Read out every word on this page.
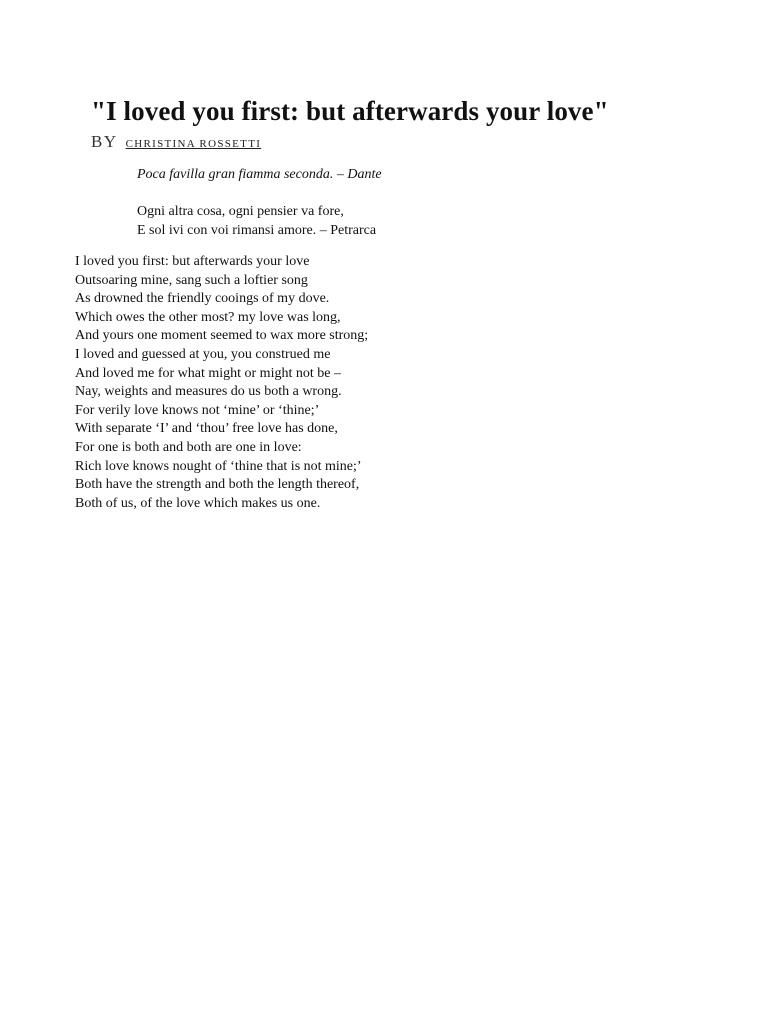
"I loved you first: but afterwards your love"
BY CHRISTINA ROSSETTI
Poca favilla gran fiamma seconda. – Dante
Ogni altra cosa, ogni pensier va fore,
E sol ivi con voi rimansi amore. – Petrarca
I loved you first: but afterwards your love
Outsoaring mine, sang such a loftier song
As drowned the friendly cooings of my dove.
Which owes the other most? my love was long,
And yours one moment seemed to wax more strong;
I loved and guessed at you, you construed me
And loved me for what might or might not be –
Nay, weights and measures do us both a wrong.
For verily love knows not ‘mine’ or ‘thine;’
With separate ‘I’ and ‘thou’ free love has done,
For one is both and both are one in love:
Rich love knows nought of ‘thine that is not mine;’
Both have the strength and both the length thereof,
Both of us, of the love which makes us one.
